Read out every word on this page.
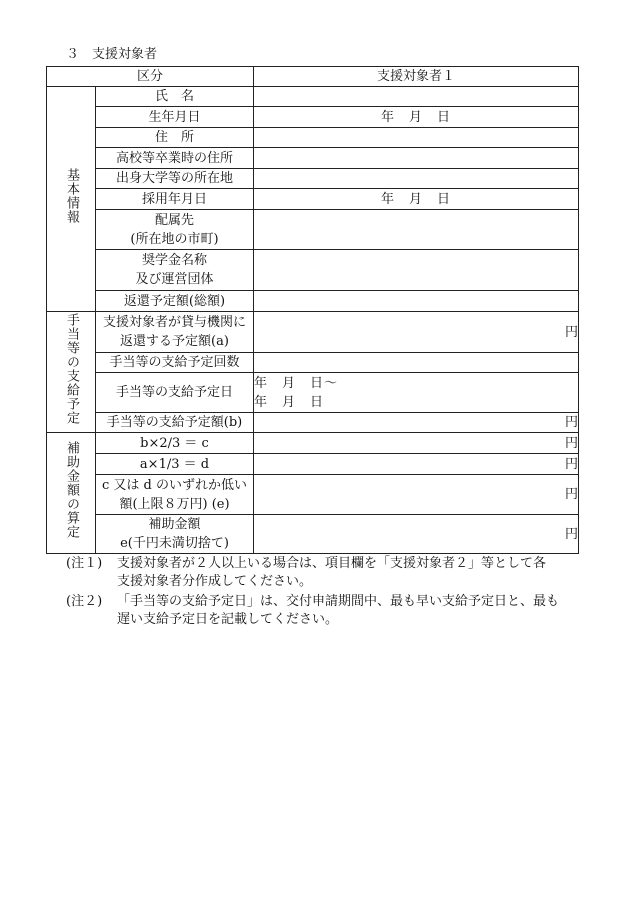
３　支援対象者
区分		支援対象者１
基本情報	氏　名	

	生年月日	年　月　日

	住　所	

	高校等卒業時の住所	

	出身大学等の所在地	

	採用年月日	年　月　日

	配属先
(所在地の市町)	

	奨学金名称
及び運営団体	

	返還予定額(総額)	

手当等の支給予定	支援対象者が貸与機関に
返還する予定額(a)	円

	手当等の支給予定回数	

	手当等の支給予定日	年　月　日～
年　月　日

	手当等の支給予定額(b)	円
補助金額の算定	b×2/3 ＝ c	円

	a×1/3 ＝ d	円

	c 又は d のいずれか低い
額(上限８万円) (e)	円

	補助金額
e(千円未満切捨て)	円
(注１)	支援対象者が２人以上いる場合は、項目欄を「支援対象者２」等として各
支援対象者分作成してください。
(注２)	「手当等の支給予定日」は、交付申請期間中、最も早い支給予定日と、最も
遅い支給予定日を記載してください。
